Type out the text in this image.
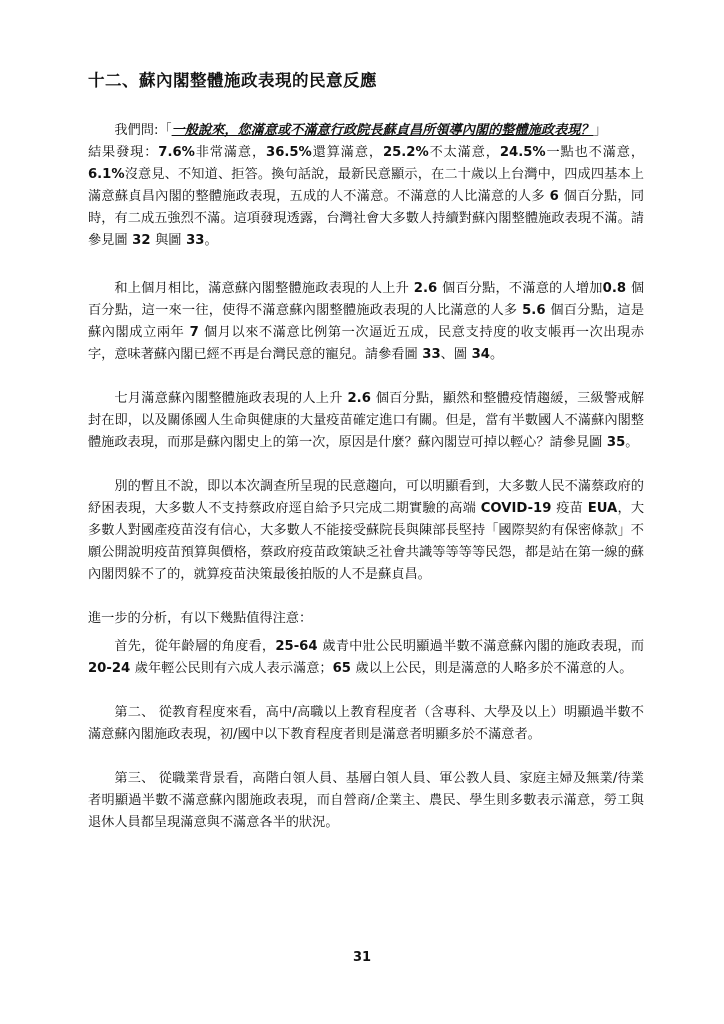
十二、蘇內閣整體施政表現的民意反應

我們問:「一般說來，您滿意或不滿意行政院長蘇貞昌所領導內閣的整體施政表現？」
結果發現：7.6%非常滿意，36.5%還算滿意，25.2%不太滿意，24.5%一點也不滿意，6.1%沒意見、不知道、拒答。換句話說，最新民意顯示，在二十歲以上台灣中，四成四基本上滿意蘇貞昌內閣的整體施政表現，五成的人不滿意。不滿意的人比滿意的人多 6 個百分點，同時，有二成五強烈不滿。這項發現透露，台灣社會大多數人持續對蘇內閣整體施政表現不滿。請參見圖 32 與圖 33。

和上個月相比，滿意蘇內閣整體施政表現的人上升 2.6 個百分點，不滿意的人增加0.8 個百分點，這一來一往，使得不滿意蘇內閣整體施政表現的人比滿意的人多 5.6 個百分點，這是蘇內閣成立兩年 7 個月以來不滿意比例第一次逼近五成，民意支持度的收支帳再一次出現赤字，意味著蘇內閣已經不再是台灣民意的寵兒。請參看圖 33、圖 34。

七月滿意蘇內閣整體施政表現的人上升 2.6 個百分點，顯然和整體疫情趨緩，三級警戒解封在即，以及關係國人生命與健康的大量疫苗確定進口有關。但是，當有半數國人不滿蘇內閣整體施政表現，而那是蘇內閣史上的第一次，原因是什麼？蘇內閣豈可掉以輕心？請參見圖 35。

別的暫且不說，即以本次調查所呈現的民意趨向，可以明顯看到，大多數人民不滿蔡政府的紓困表現，大多數人不支持蔡政府逕自給予只完成二期實驗的高端 COVID-19 疫苗 EUA，大多數人對國產疫苗沒有信心，大多數人不能接受蘇院長與陳部長堅持「國際契約有保密條款」不願公開說明疫苗預算與價格，蔡政府疫苗政策缺乏社會共識等等等等民怨，都是站在第一線的蘇內閣閃躲不了的，就算疫苗決策最後拍版的人不是蘇貞昌。

進一步的分析，有以下幾點值得注意：

首先，從年齡層的角度看，25-64 歲青中壯公民明顯過半數不滿意蘇內閣的施政表現，而 20-24 歲年輕公民則有六成人表示滿意；65 歲以上公民，則是滿意的人略多於不滿意的人。

第二、 從教育程度來看，高中/高職以上教育程度者（含專科、大學及以上）明顯過半數不滿意蘇內閣施政表現，初/國中以下教育程度者則是滿意者明顯多於不滿意者。

第三、 從職業背景看，高階白領人員、基層白領人員、軍公教人員、家庭主婦及無業/待業者明顯過半數不滿意蘇內閣施政表現，而自營商/企業主、農民、學生則多數表示滿意，勞工與退休人員都呈現滿意與不滿意各半的狀況。

31
